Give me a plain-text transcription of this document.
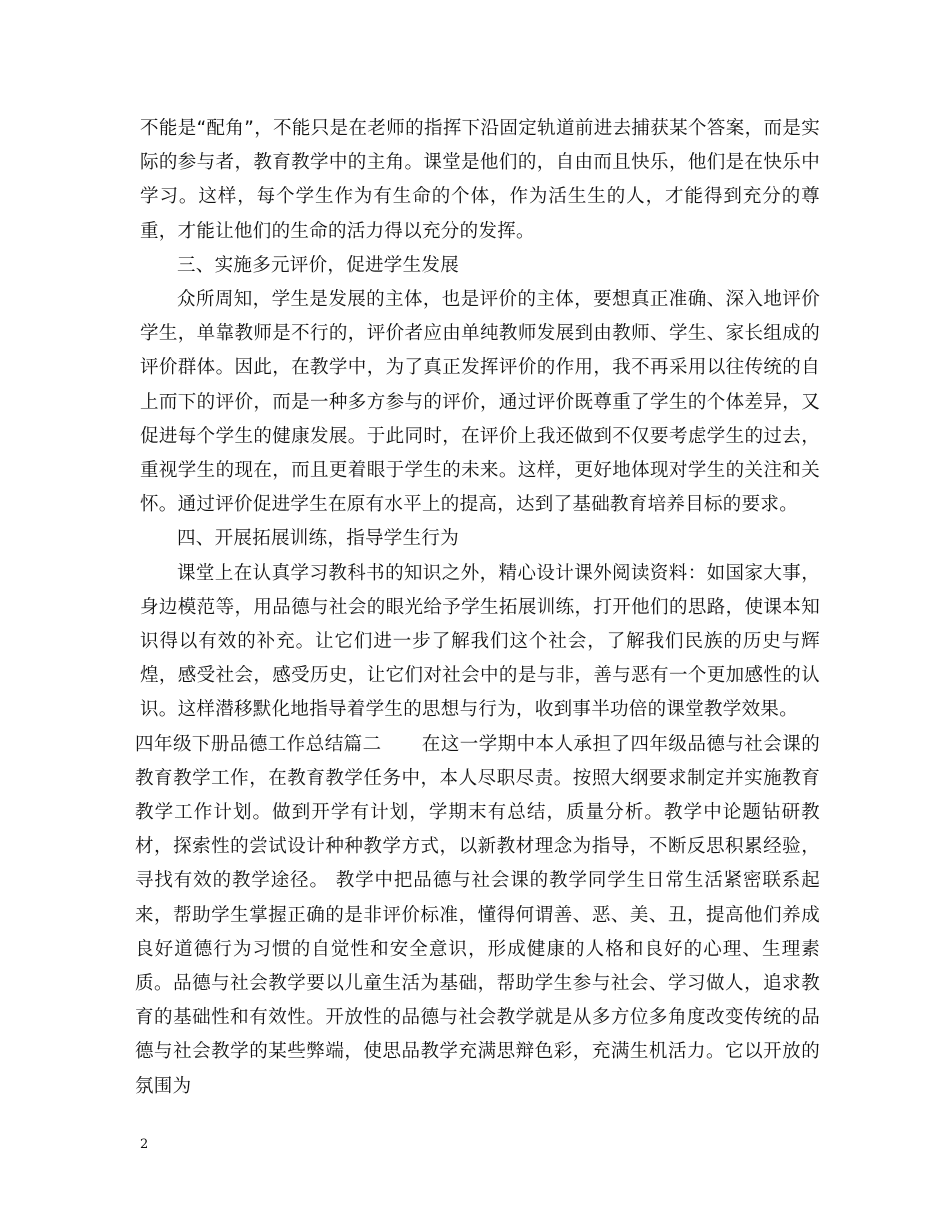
不能是“配角”，不能只是在老师的指挥下沿固定轨道前进去捕获某个答案，而是实际的参与者，教育教学中的主角。课堂是他们的，自由而且快乐，他们是在快乐中学习。这样，每个学生作为有生命的个体，作为活生生的人，才能得到充分的尊重，才能让他们的生命的活力得以充分的发挥。

三、实施多元评价，促进学生发展

众所周知，学生是发展的主体，也是评价的主体，要想真正准确、深入地评价学生，单靠教师是不行的，评价者应由单纯教师发展到由教师、学生、家长组成的评价群体。因此，在教学中，为了真正发挥评价的作用，我不再采用以往传统的自上而下的评价，而是一种多方参与的评价，通过评价既尊重了学生的个体差异，又促进每个学生的健康发展。于此同时，在评价上我还做到不仅要考虑学生的过去，重视学生的现在，而且更着眼于学生的未来。这样，更好地体现对学生的关注和关怀。通过评价促进学生在原有水平上的提高，达到了基础教育培养目标的要求。

四、开展拓展训练，指导学生行为

课堂上在认真学习教科书的知识之外，精心设计课外阅读资料：如国家大事，身边模范等，用品德与社会的眼光给予学生拓展训练，打开他们的思路，使课本知识得以有效的补充。让它们进一步了解我们这个社会，了解我们民族的历史与辉煌，感受社会，感受历史，让它们对社会中的是与非，善与恶有一个更加感性的认识。这样潜移默化地指导着学生的思想与行为，收到事半功倍的课堂教学效果。

四年级下册品德工作总结篇二 在这一学期中本人承担了四年级品德与社会课的教育教学工作，在教育教学任务中，本人尽职尽责。按照大纲要求制定并实施教育教学工作计划。做到开学有计划，学期末有总结，质量分析。教学中论题钻研教材，探索性的尝试设计种种教学方式，以新教材理念为指导，不断反思积累经验，寻找有效的教学途径。 教学中把品德与社会课的教学同学生日常生活紧密联系起来，帮助学生掌握正确的是非评价标准，懂得何谓善、恶、美、丑，提高他们养成良好道德行为习惯的自觉性和安全意识，形成健康的人格和良好的心理、生理素质。品德与社会教学要以儿童生活为基础，帮助学生参与社会、学习做人，追求教育的基础性和有效性。开放性的品德与社会教学就是从多方位多角度改变传统的品德与社会教学的某些弊端，使思品教学充满思辩色彩，充满生机活力。它以开放的氛围为

2
